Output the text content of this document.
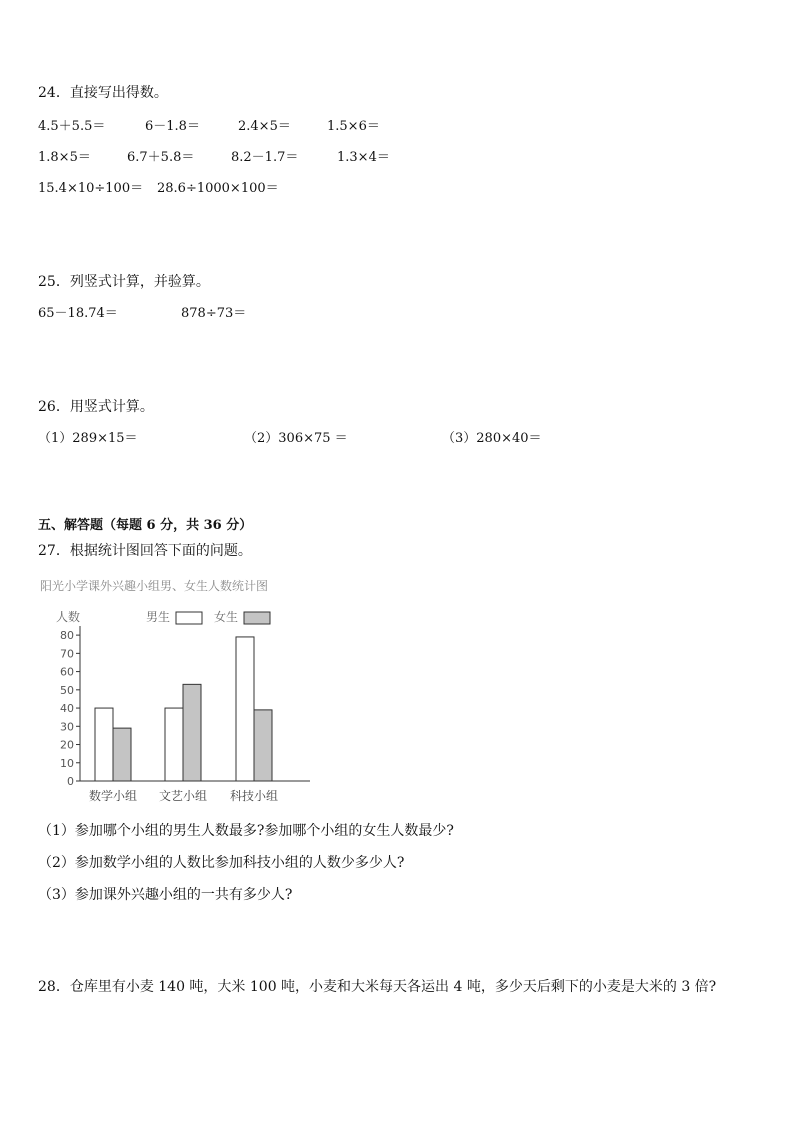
24．直接写出得数。
4.5＋5.5＝	6－1.8＝	2.4×5＝	1.5×6＝
1.8×5＝	6.7＋5.8＝	8.2－1.7＝	1.3×4＝
15.4×10÷100＝ 28.6÷1000×100＝
25．列竖式计算，并验算。
65－18.74＝	878÷73＝
26．用竖式计算。
（1）289×15＝	（2）306×75 ＝	（3）280×40＝
五、解答题（每题 6 分，共 36 分）
27．根据统计图回答下面的问题。
阳光小学课外兴趣小组男、女生人数统计图
人数	男生	女生
0
10
20
30
40
50
60
70
80
数学小组 文艺小组 科技小组
（1）参加哪个小组的男生人数最多?参加哪个小组的女生人数最少?
（2）参加数学小组的人数比参加科技小组的人数少多少人?
（3）参加课外兴趣小组的一共有多少人?
28．仓库里有小麦 140 吨，大米 100 吨，小麦和大米每天各运出 4 吨，多少天后剩下的小麦是大米的 3 倍?
